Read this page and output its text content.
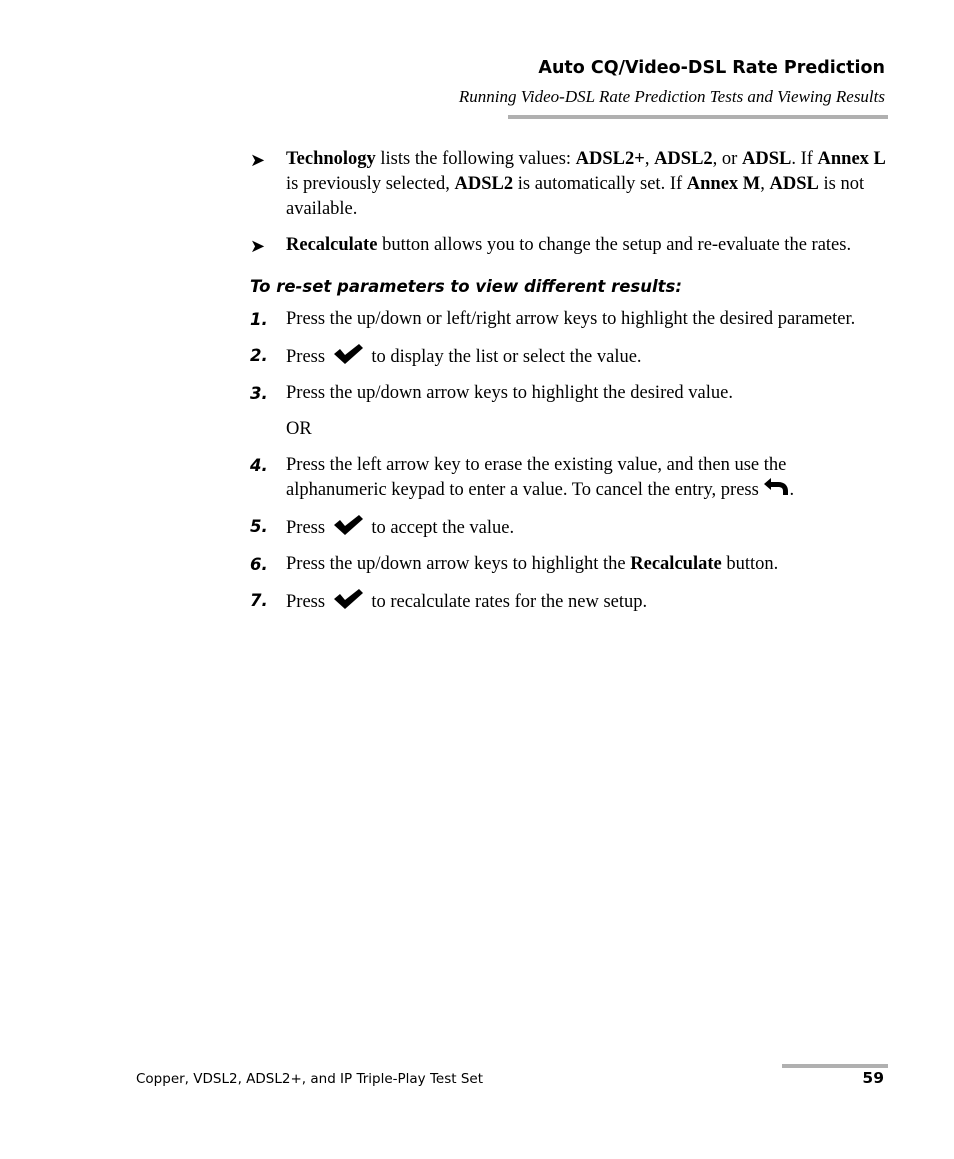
Auto CQ/Video-DSL Rate Prediction
Running Video-DSL Rate Prediction Tests and Viewing Results
➤ Technology lists the following values: ADSL2+, ADSL2, or ADSL. If Annex L is previously selected, ADSL2 is automatically set. If Annex M, ADSL is not available.
➤ Recalculate button allows you to change the setup and re-evaluate the rates.
To re-set parameters to view different results:
1. Press the up/down or left/right arrow keys to highlight the desired parameter.
2. Press  to display the list or select the value.
3. Press the up/down arrow keys to highlight the desired value.
OR
4. Press the left arrow key to erase the existing value, and then use the alphanumeric keypad to enter a value. To cancel the entry, press .
5. Press  to accept the value.
6. Press the up/down arrow keys to highlight the Recalculate button.
7. Press  to recalculate rates for the new setup.
Copper, VDSL2, ADSL2+, and IP Triple-Play Test Set	59
